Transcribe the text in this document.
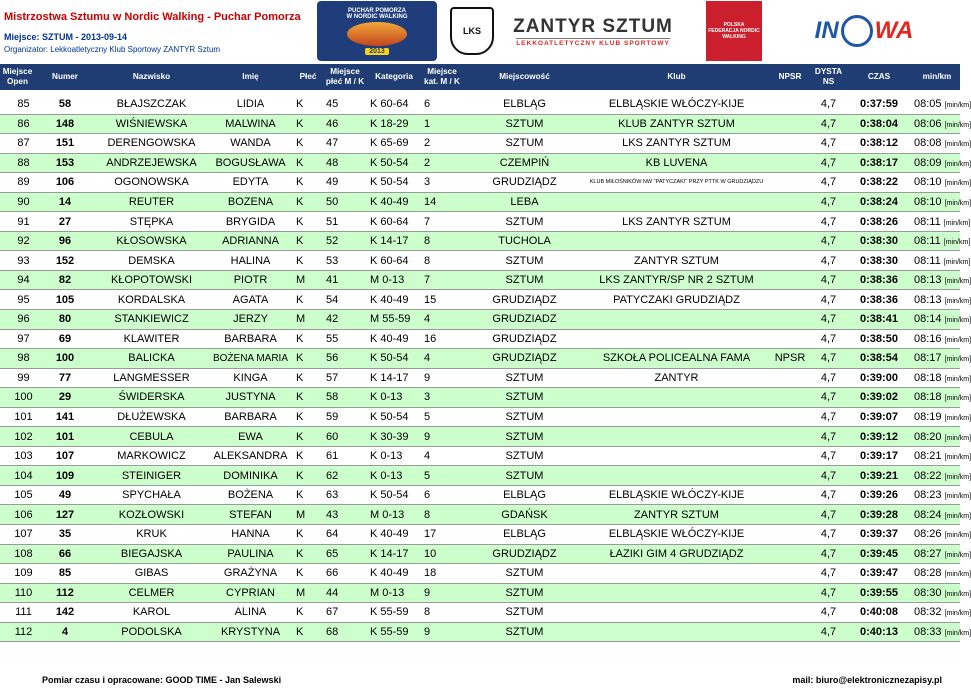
Mistrzostwa Sztumu w Nordic Walking - Puchar Pomorza
Miejsce: SZTUM - 2013-09-14
Organizator: Lekkoatletyczny Klub Sportowy ZANTYR Sztum
PUCHAR POMORZA
W NORDIC WALKING
2013
LKS ZANTYR SZTUM
LEKKOATLETYCZNY KLUB SPORTOWY
POLSKA FEDERACJA NORDIC WALKING	IN WA
Miejsce Open	Numer	Nazwisko	Imię	Płeć	Miejsce płeć M / K	Kategoria	Miejsce kat. M / K	Miejscowość	Klub	NPSR	DYSTA NS	CZAS	min/km
85	58	BŁAJSZCZAK	LIDIA	K	45	K 60-64	6	ELBLĄG	ELBLĄSKIE WŁÓCZY-KIJE		4,7	0:37:59	08:05 [min/km]
86	148	WIŚNIEWSKA	MALWINA	K	46	K 18-29	1	SZTUM	KLUB ZANTYR SZTUM		4,7	0:38:04	08:06 [min/km]
87	151	DERENGOWSKA	WANDA	K	47	K 65-69	2	SZTUM	LKS ZANTYR SZTUM		4,7	0:38:12	08:08 [min/km]
88	153	ANDRZEJEWSKA	BOGUSŁAWA	K	48	K 50-54	2	CZEMPIŃ	KB LUVENA		4,7	0:38:17	08:09 [min/km]
89	106	OGONOWSKA	EDYTA	K	49	K 50-54	3	GRUDZIĄDZ	KLUB MIŁOŚNIKÓW NW "PATYCZAKI" PRZY PTTK W GRUDZIĄDZU		4,7	0:38:22	08:10 [min/km]
90	14	REUTER	BOZENA	K	50	K 40-49	14	LEBA			4,7	0:38:24	08:10 [min/km]
91	27	STĘPKA	BRYGIDA	K	51	K 60-64	7	SZTUM	LKS ZANTYR SZTUM		4,7	0:38:26	08:11 [min/km]
92	96	KŁOSOWSKA	ADRIANNA	K	52	K 14-17	8	TUCHOLA			4,7	0:38:30	08:11 [min/km]
93	152	DEMSKA	HALINA	K	53	K 60-64	8	SZTUM	ZANTYR SZTUM		4,7	0:38:30	08:11 [min/km]
94	82	KŁOPOTOWSKI	PIOTR	M	41	M 0-13	7	SZTUM	LKS ZANTYR/SP NR 2 SZTUM		4,7	0:38:36	08:13 [min/km]
95	105	KORDALSKA	AGATA	K	54	K 40-49	15	GRUDZIĄDZ	PATYCZAKI GRUDZIĄDZ		4,7	0:38:36	08:13 [min/km]
96	80	STANKIEWICZ	JERZY	M	42	M 55-59	4	GRUDZIADZ			4,7	0:38:41	08:14 [min/km]
97	69	KLAWITER	BARBARA	K	55	K 40-49	16	GRUDZIĄDZ			4,7	0:38:50	08:16 [min/km]
98	100	BALICKA	BOŻENA MARIA	K	56	K 50-54	4	GRUDZIĄDZ	SZKOŁA POLICEALNA FAMA	NPSR	4,7	0:38:54	08:17 [min/km]
99	77	LANGMESSER	KINGA	K	57	K 14-17	9	SZTUM	ZANTYR		4,7	0:39:00	08:18 [min/km]
100	29	ŚWIDERSKA	JUSTYNA	K	58	K 0-13	3	SZTUM			4,7	0:39:02	08:18 [min/km]
101	141	DŁUŻEWSKA	BARBARA	K	59	K 50-54	5	SZTUM			4,7	0:39:07	08:19 [min/km]
102	101	CEBULA	EWA	K	60	K 30-39	9	SZTUM			4,7	0:39:12	08:20 [min/km]
103	107	MARKOWICZ	ALEKSANDRA	K	61	K 0-13	4	SZTUM			4,7	0:39:17	08:21 [min/km]
104	109	STEINIGER	DOMINIKA	K	62	K 0-13	5	SZTUM			4,7	0:39:21	08:22 [min/km]
105	49	SPYCHAŁA	BOŻENA	K	63	K 50-54	6	ELBLĄG	ELBLĄSKIE WŁÓCZY-KIJE		4,7	0:39:26	08:23 [min/km]
106	127	KOZŁOWSKI	STEFAN	M	43	M 0-13	8	GDAŃSK	ZANTYR SZTUM		4,7	0:39:28	08:24 [min/km]
107	35	KRUK	HANNA	K	64	K 40-49	17	ELBLĄG	ELBLĄSKIE WŁÓCZY-KIJE		4,7	0:39:37	08:26 [min/km]
108	66	BIEGAJSKA	PAULINA	K	65	K 14-17	10	GRUDZIĄDZ	ŁAZIKI GIM 4 GRUDZIĄDZ		4,7	0:39:45	08:27 [min/km]
109	85	GIBAS	GRAŻYNA	K	66	K 40-49	18	SZTUM			4,7	0:39:47	08:28 [min/km]
110	112	CELMER	CYPRIAN	M	44	M 0-13	9	SZTUM			4,7	0:39:55	08:30 [min/km]
111	142	KAROL	ALINA	K	67	K 55-59	8	SZTUM			4,7	0:40:08	08:32 [min/km]
112	4	PODOLSKA	KRYSTYNA	K	68	K 55-59	9	SZTUM			4,7	0:40:13	08:33 [min/km]
Pomiar czasu i opracowane: GOOD TIME - Jan Salewski	mail: biuro@elektronicznezapisy.pl
